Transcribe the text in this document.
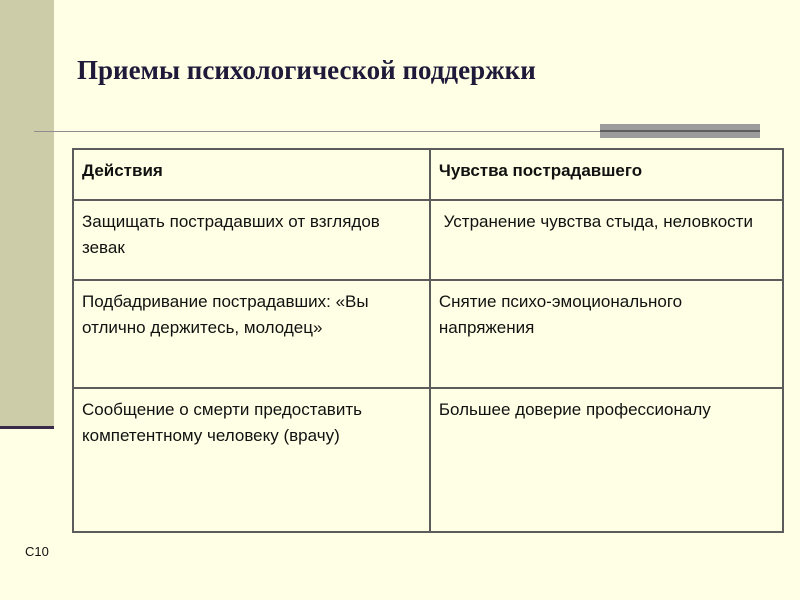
Приемы психологической поддержки
Действия	Чувства пострадавшего
Защищать пострадавших от взглядов зевак	Устранение чувства стыда, неловкости
Подбадривание пострадавших: «Вы отлично держитесь, молодец»	Снятие психо-эмоционального напряжения
Сообщение о смерти предоставить компетентному человеку (врачу)	Большее доверие профессионалу
С10
